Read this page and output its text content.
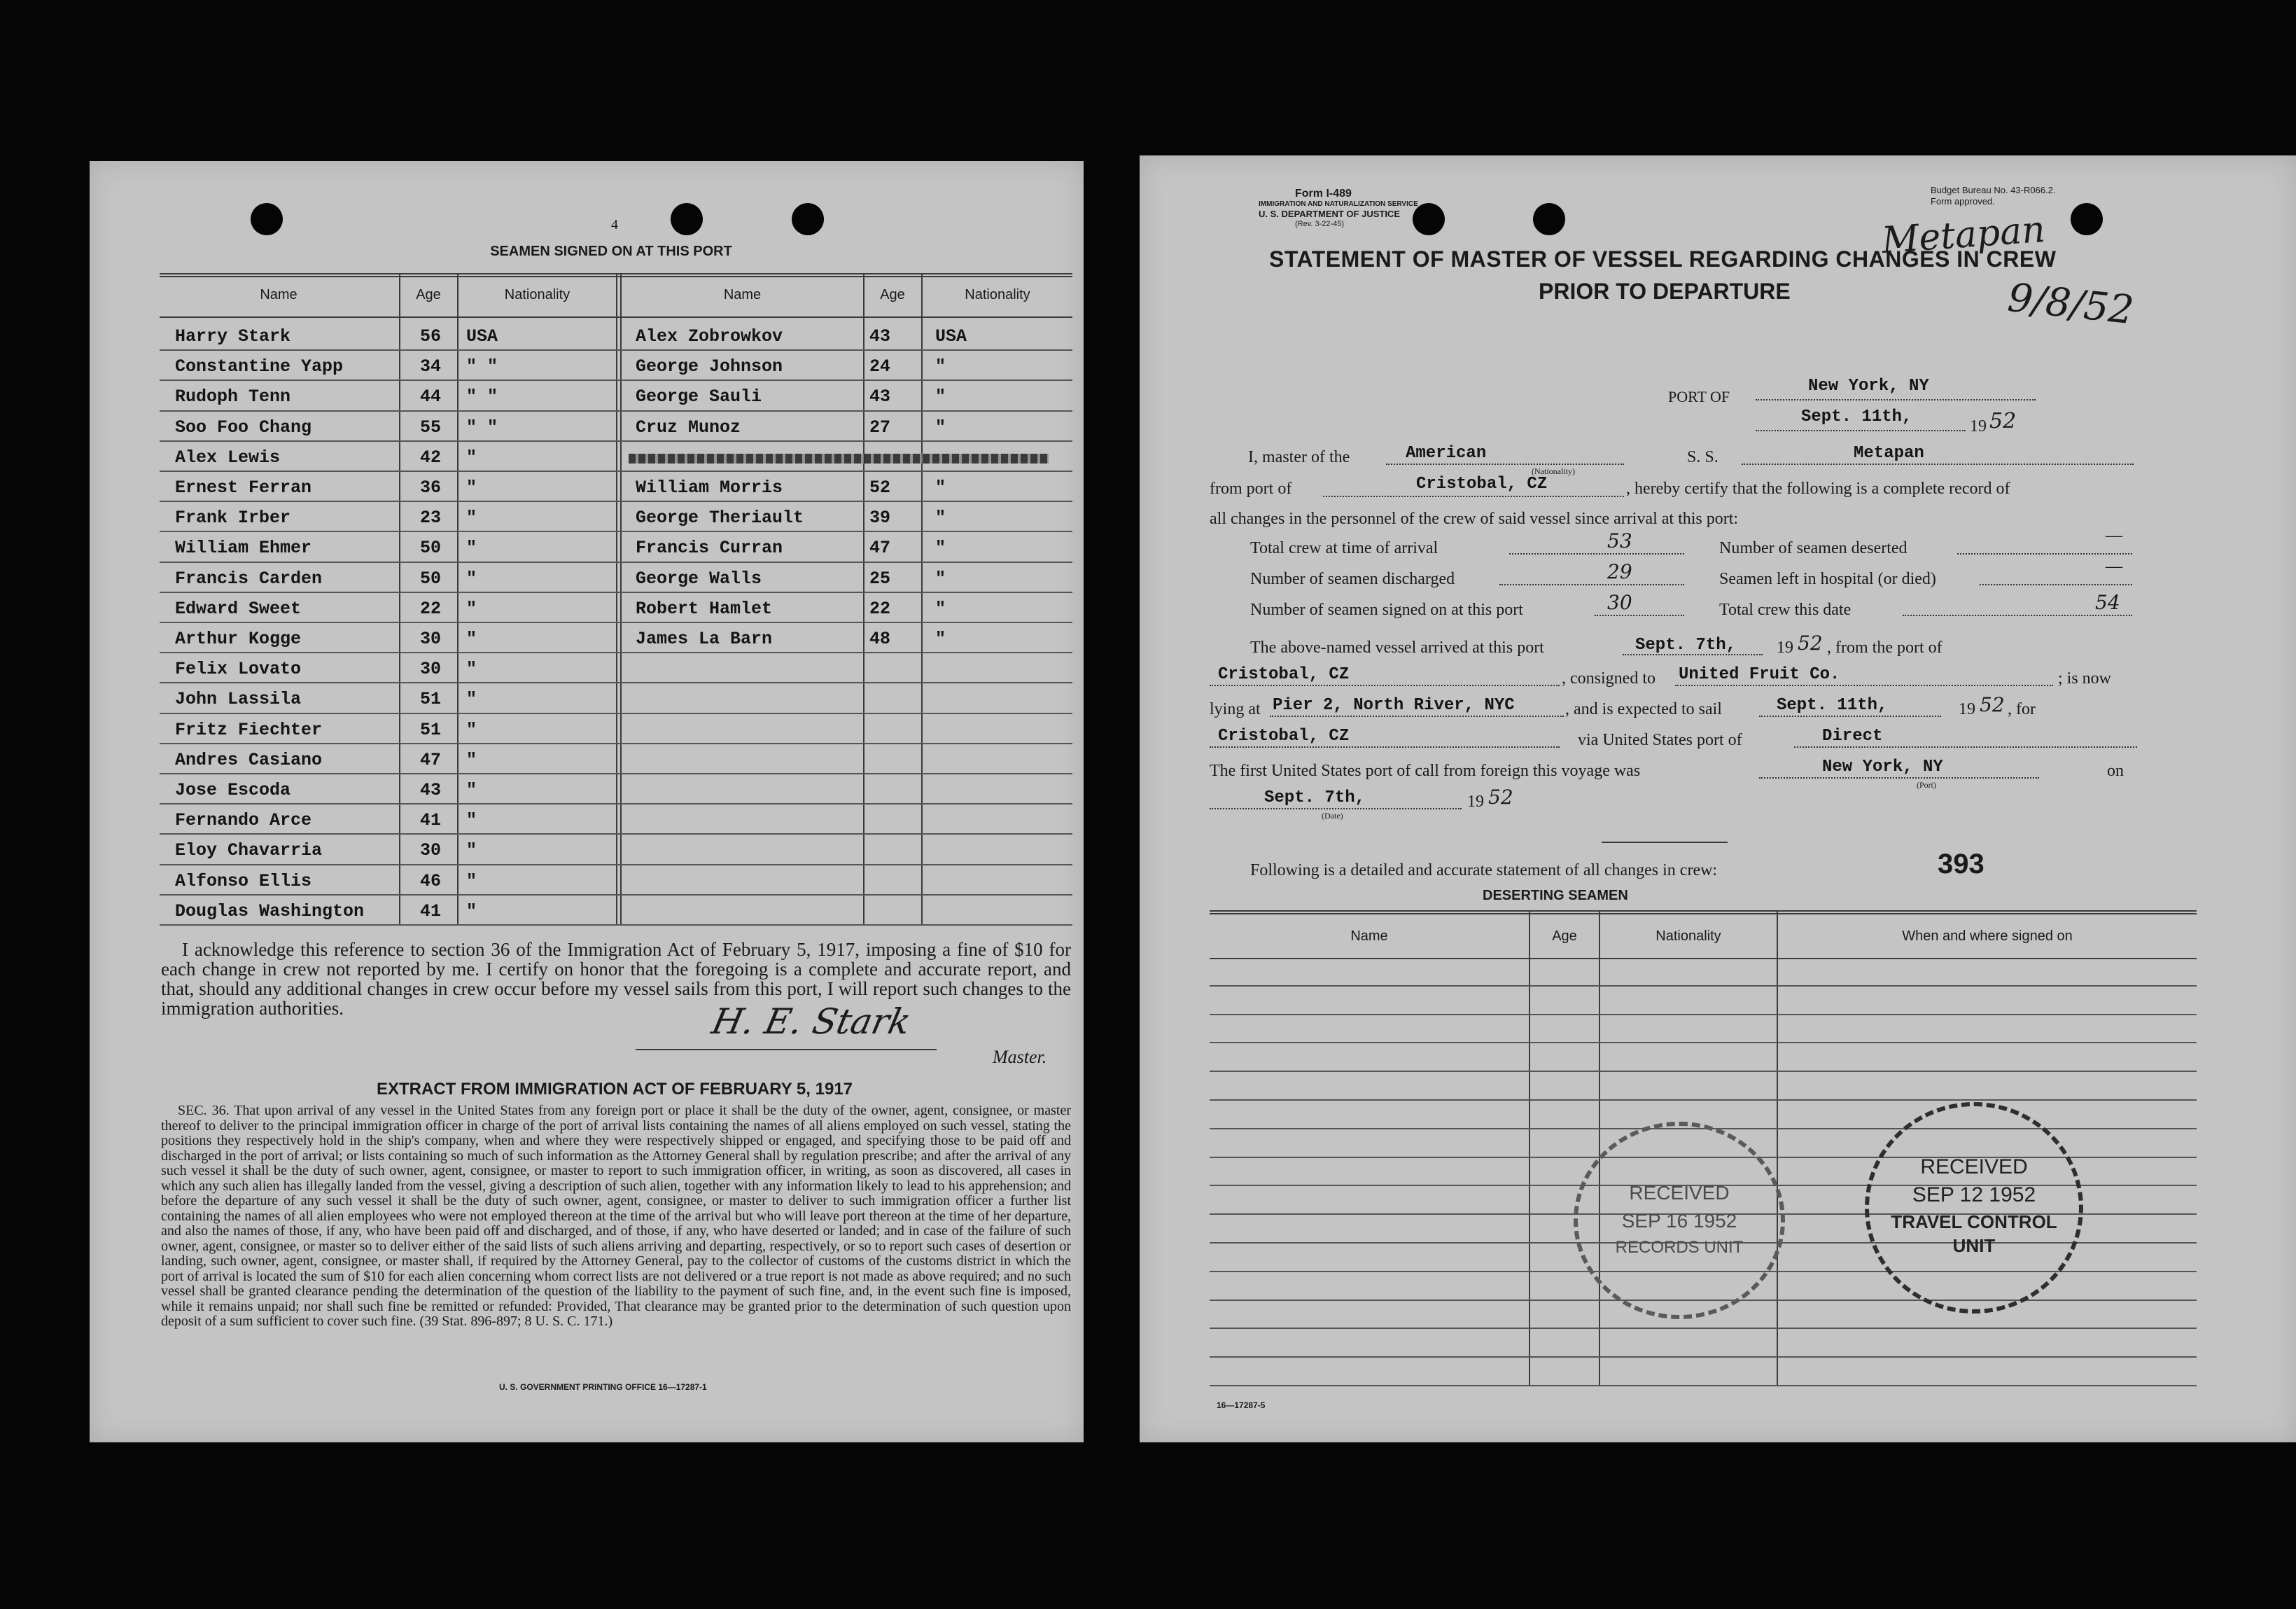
4
SEAMEN SIGNED ON AT THIS PORT
Name	Age	Nationality	Name	Age	Nationality
Harry Stark	56 USA	Alex Zobrowkov	43	USA
Constantine Yapp	34 " "	George Johnson	24	"
Rudoph Tenn	44 " "	George Sauli	43	"
Soo Foo Chang	55 " "	Cruz Munoz	27	"
Alex Lewis	42 "
Ernest Ferran	36 "	William Morris	52	"
Frank Irber	23 "	George Theriault	39	"
William Ehmer	50 "	Francis Curran	47	"
Francis Carden	50 "	George Walls	25	"
Edward Sweet	22 "	Robert Hamlet	22	"
Arthur Kogge	30 "	James La Barn	48	"
Felix Lovato	30 "
John Lassila	51 "
Fritz Fiechter	51 "
Andres Casiano	47 "
Jose Escoda	43 "
Fernando Arce	41 "
Eloy Chavarria	30 "
Alfonso Ellis	46 "
Douglas Washington	41 "
I acknowledge this reference to section 36 of the Immigration Act of February 5, 1917, imposing a fine of $10 for each change in crew not reported by me. I certify on honor that the foregoing is a complete and accurate report, and that, should any additional changes in crew occur before my vessel sails from this port, I will report such changes to the immigration authorities.	H. E. Stark
Master.
EXTRACT FROM IMMIGRATION ACT OF FEBRUARY 5, 1917
SEC. 36. That upon arrival of any vessel in the United States from any foreign port or place it shall be the duty of the owner, agent, consignee, or master thereof to deliver to the principal immigration officer in charge of the port of arrival lists containing the names of all aliens employed on such vessel, stating the positions they respectively hold in the ship's company, when and where they were respectively shipped or engaged, and specifying those to be paid off and discharged in the port of arrival; or lists containing so much of such information as the Attorney General shall by regulation prescribe; and after the arrival of any such vessel it shall be the duty of such owner, agent, consignee, or master to report to such immigration officer, in writing, as soon as discovered, all cases in which any such alien has illegally landed from the vessel, giving a description of such alien, together with any information likely to lead to his apprehension; and before the departure of any such vessel it shall be the duty of such owner, agent, consignee, or master to deliver to such immigration officer a further list containing the names of all alien employees who were not employed thereon at the time of the arrival but who will leave port thereon at the time of her departure, and also the names of those, if any, who have been paid off and discharged, and of those, if any, who have deserted or landed; and in case of the failure of such owner, agent, consignee, or master so to deliver either of the said lists of such aliens arriving and departing, respectively, or so to report such cases of desertion or landing, such owner, agent, consignee, or master shall, if required by the Attorney General, pay to the collector of customs of the customs district in which the port of arrival is located the sum of $10 for each alien concerning whom correct lists are not delivered or a true report is not made as above required; and no such vessel shall be granted clearance pending the determination of the question of the liability to the payment of such fine, and, in the event such fine is imposed, while it remains unpaid; nor shall such fine be remitted or refunded: Provided, That clearance may be granted prior to the determination of such question upon deposit of a sum sufficient to cover such fine. (39 Stat. 896-897; 8 U. S. C. 171.)
U. S. GOVERNMENT PRINTING OFFICE 16—17287-1
Form I-489
IMMIGRATION AND NATURALIZATION SERVICE
U. S. DEPARTMENT OF JUSTICE
(Rev. 3-22-45)
Budget Bureau No. 43-R066.2.
Form approved.
Metapan
9/8/52
STATEMENT OF MASTER OF VESSEL REGARDING CHANGES IN CREW
PRIOR TO DEPARTURE
PORT OF
New York, NY
Sept. 11th,	19 52
I, master of the	American	S. S.	Metapan
from port of	Cristobal, CZ
(Nationality)
, hereby certify that the following is a complete record of
all changes in the personnel of the crew of said vessel since arrival at this port:
Total crew at time of arrival	53
Number of seamen discharged	29
Number of seamen signed on at this port	30
Number of seamen deserted
—
Seamen left in hospital (or died)
—
Total crew this date	54
The above-named vessel arrived at this port	Sept. 7th, 19 52 , from the port of
Cristobal, CZ	, consigned to United Fruit Co.	; is now
lying at Pier 2, North River, NYC	, and is expected to sail	Sept. 11th,	19 52 , for
Cristobal, CZ	via United States port of	Direct
The first United States port of call from foreign this voyage was	New York, NY
(Port)
on
Sept. 7th,
(Date)
19 52
Following is a detailed and accurate statement of all changes in crew:	393
DESERTING SEAMEN
Name	Age	Nationality	When and where signed on
RECEIVED
SEP 16 1952
RECORDS UNIT
RECEIVED
SEP 12 1952
TRAVEL CONTROL
UNIT
16—17287-5
